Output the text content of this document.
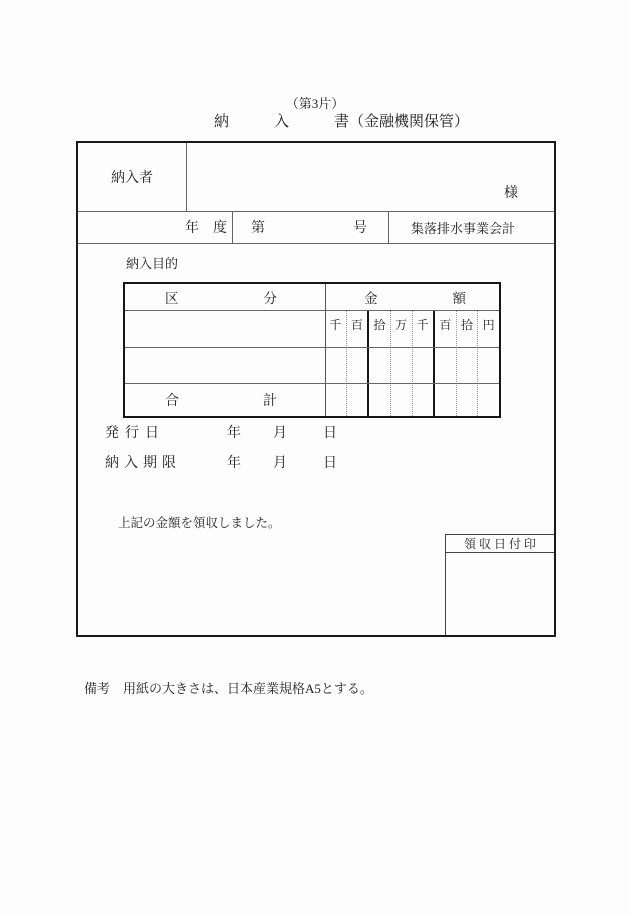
（第3片）
納　　　入　　　書（金融機関保管）
納入者
様
年　度 第	号	集落排水事業会計
納入目的
区	分	金	額
千 百 拾 万 千 百 拾 円
合	計
発行日	年 月	日
納入期限	年 月	日
上記の金額を領収しました。
領 収 日 付 印
備考　用紙の大きさは、日本産業規格A5とする。
